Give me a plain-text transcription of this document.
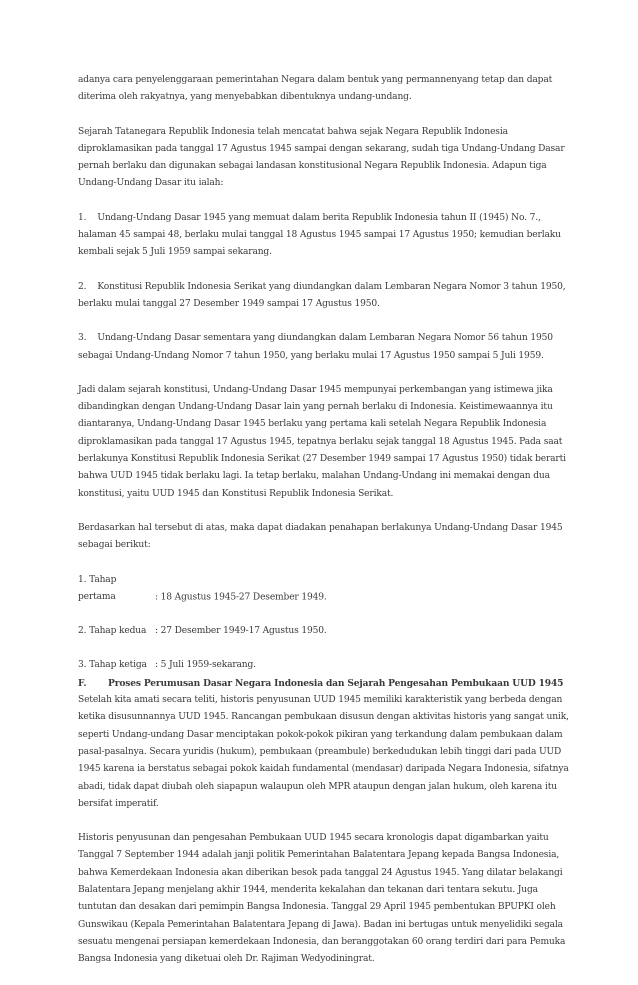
adanya cara penyelenggaraan pemerintahan Negara dalam bentuk yang permannenyang tetap dan dapat diterima oleh rakyatnya, yang menyebabkan dibentuknya undang-undang.

Sejarah Tatanegara Republik Indonesia telah mencatat bahwa sejak Negara Republik Indonesia diproklamasikan pada tanggal 17 Agustus 1945 sampai dengan sekarang, sudah tiga Undang-Undang Dasar pernah berlaku dan digunakan sebagai landasan konstitusional Negara Republik Indonesia. Adapun tiga Undang-Undang Dasar itu ialah:

1.    Undang-Undang Dasar 1945 yang memuat dalam berita Republik Indonesia tahun II (1945) No. 7., halaman 45 sampai 48, berlaku mulai tanggal 18 Agustus 1945 sampai 17 Agustus 1950; kemudian berlaku kembali sejak 5 Juli 1959 sampai sekarang.

2.    Konstitusi Republik Indonesia Serikat yang diundangkan dalam Lembaran Negara Nomor 3 tahun 1950, berlaku mulai tanggal 27 Desember 1949 sampai 17 Agustus 1950.

3.    Undang-Undang Dasar sementara yang diundangkan dalam Lembaran Negara Nomor 56 tahun 1950 sebagai Undang-Undang Nomor 7 tahun 1950, yang berlaku mulai 17 Agustus 1950 sampai 5 Juli 1959.

Jadi dalam sejarah konstitusi, Undang-Undang Dasar 1945 mempunyai perkembangan yang istimewa jika dibandingkan dengan Undang-Undang Dasar lain yang pernah berlaku di Indonesia. Keistimewaannya itu diantaranya, Undang-Undang Dasar 1945 berlaku yang pertama kali setelah Negara Republik Indonesia diproklamasikan pada tanggal 17 Agustus 1945, tepatnya berlaku sejak tanggal 18 Agustus 1945. Pada saat berlakunya Konstitusi Republik Indonesia Serikat (27 Desember 1949 sampai 17 Agustus 1950) tidak berarti bahwa UUD 1945 tidak berlaku lagi. Ia tetap berlaku, malahan Undang-Undang ini memakai dengan dua konstitusi, yaitu UUD 1945 dan Konstitusi Republik Indonesia Serikat.

Berdasarkan hal tersebut di atas, maka dapat diadakan penahapan berlakunya Undang-Undang Dasar 1945 sebagai berikut:

1. Tahap pertama	: 18 Agustus 1945-27 Desember 1949.

2. Tahap kedua : 27 Desember 1949-17 Agustus 1950.

3. Tahap ketiga : 5 Juli 1959-sekarang.

F.	Proses Perumusan Dasar Negara Indonesia dan Sejarah Pengesahan Pembukaan UUD 1945

Setelah kita amati secara teliti, historis penyusunan UUD 1945 memiliki karakteristik yang berbeda dengan ketika disusunnannya UUD 1945. Rancangan pembukaan disusun dengan aktivitas historis yang sangat unik, seperti Undang-undang Dasar menciptakan pokok-pokok pikiran yang terkandung dalam pembukaan dalam pasal-pasalnya. Secara yuridis (hukum), pembukaan (preambule) berkedudukan lebih tinggi dari pada UUD 1945 karena ia berstatus sebagai pokok kaidah fundamental (mendasar) daripada Negara Indonesia, sifatnya abadi, tidak dapat diubah oleh siapapun walaupun oleh MPR ataupun dengan jalan hukum, oleh karena itu bersifat imperatif.

Historis penyusunan dan pengesahan Pembukaan UUD 1945 secara kronologis dapat digambarkan yaitu Tanggal 7 September 1944 adalah janji politik Pemerintahan Balatentara Jepang kepada Bangsa Indonesia, bahwa Kemerdekaan Indonesia akan diberikan besok pada tanggal 24 Agustus 1945. Yang dilatar belakangi Balatentara Jepang menjelang akhir 1944, menderita kekalahan dan tekanan dari tentara sekutu. Juga tuntutan dan desakan dari pemimpin Bangsa Indonesia. Tanggal 29 April 1945 pembentukan BPUPKI oleh Gunswikau (Kepala Pemerintahan Balatentara Jepang di Jawa). Badan ini bertugas untuk menyelidiki segala sesuatu mengenai persiapan kemerdekaan Indonesia, dan beranggotakan 60 orang terdiri dari para Pemuka Bangsa Indonesia yang diketuai oleh Dr. Rajiman Wedyodiningrat.
